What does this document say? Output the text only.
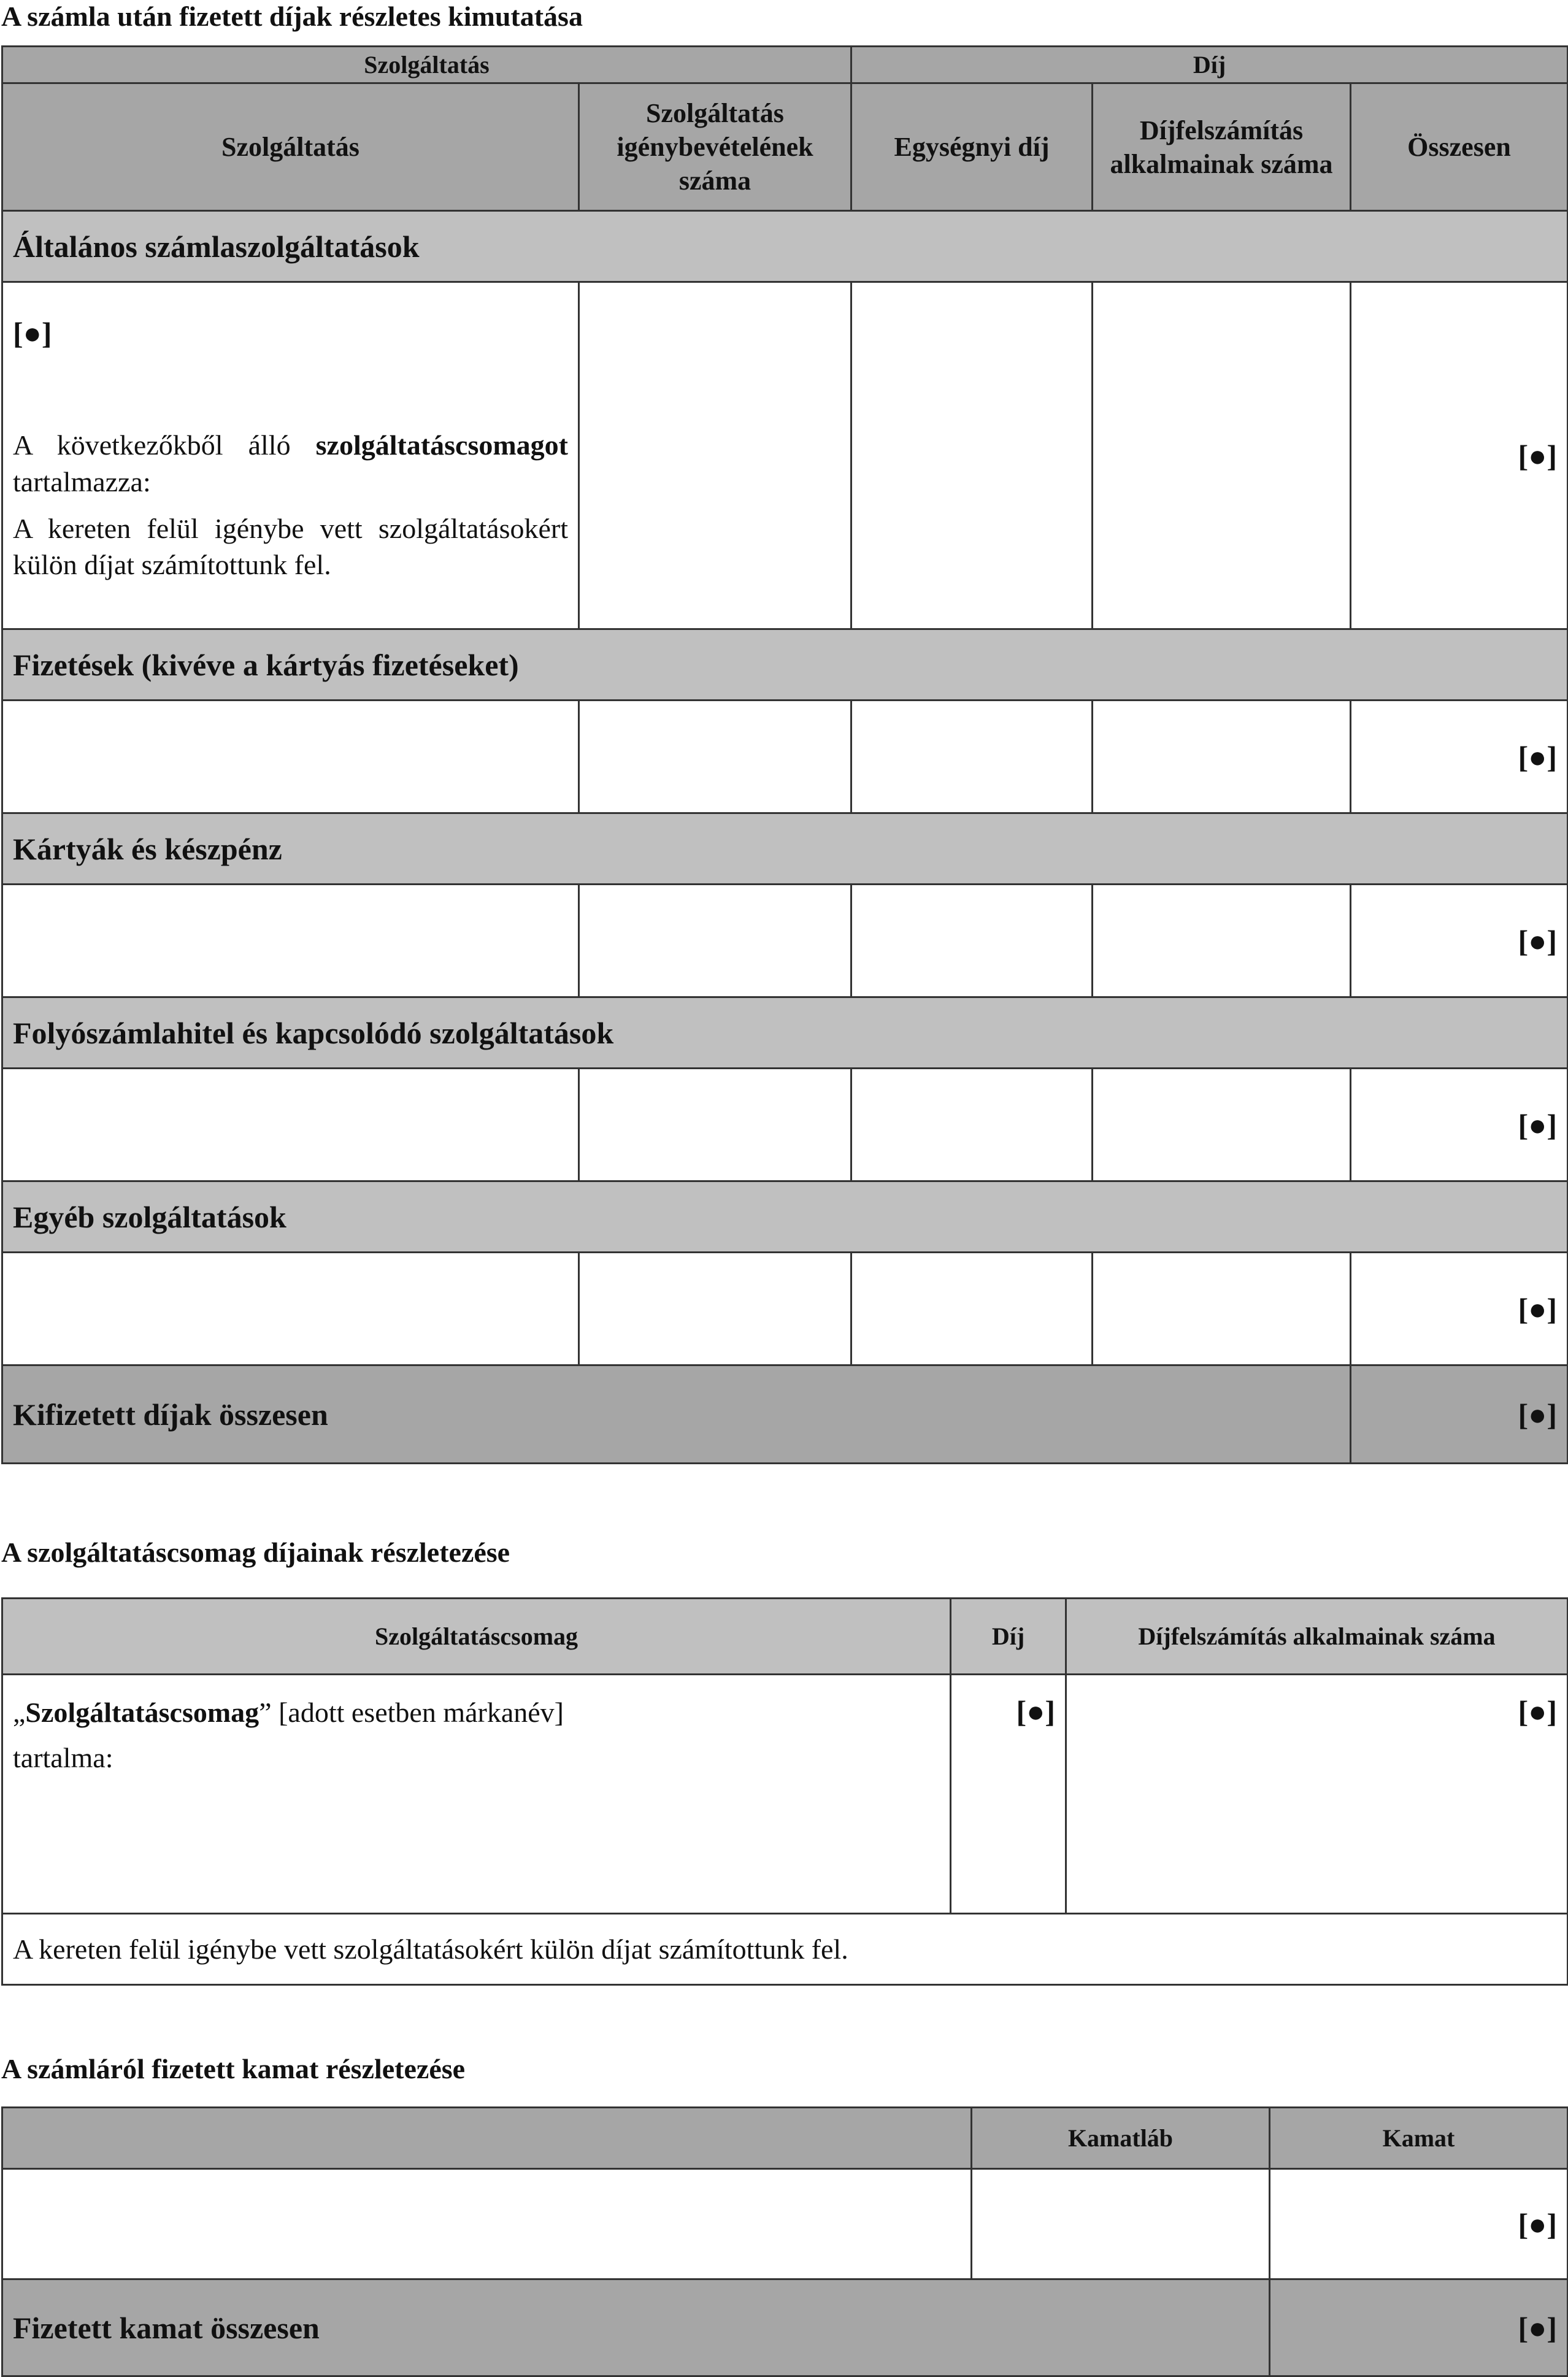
A számla után fizetett díjak részletes kimutatása
Szolgáltatás		Díj		
Szolgáltatás	Szolgáltatás igénybevételének száma	Egységnyi díj	Díjfelszámítás alkalmainak száma	Összesen
Általános számlaszolgáltatások				

[●]

A következőkből álló szolgáltatáscsomagot tartalmazza:

A kereten felül igénybe vett szolgáltatásokért külön díjat számítottunk fel.				[●]
Fizetések (kivéve a kártyás fizetéseket)				
				[●]
Kártyák és készpénz				
				[●]
Folyószámlahitel és kapcsolódó szolgáltatások				
				[●]
Egyéb szolgáltatások				
				[●]
Kifizetett díjak összesen				[●]
A szolgáltatáscsomag díjainak részletezése
Szolgáltatáscsomag	Díj	Díjfelszámítás alkalmainak száma

„Szolgáltatáscsomag” [adott esetben márkanév]

tartalma:	[●]	[●]
A kereten felül igénybe vett szolgáltatásokért külön díjat számítottunk fel.		
A számláról fizetett kamat részletezése
	Kamatláb	Kamat
		[●]
Fizetett kamat összesen		[●]
